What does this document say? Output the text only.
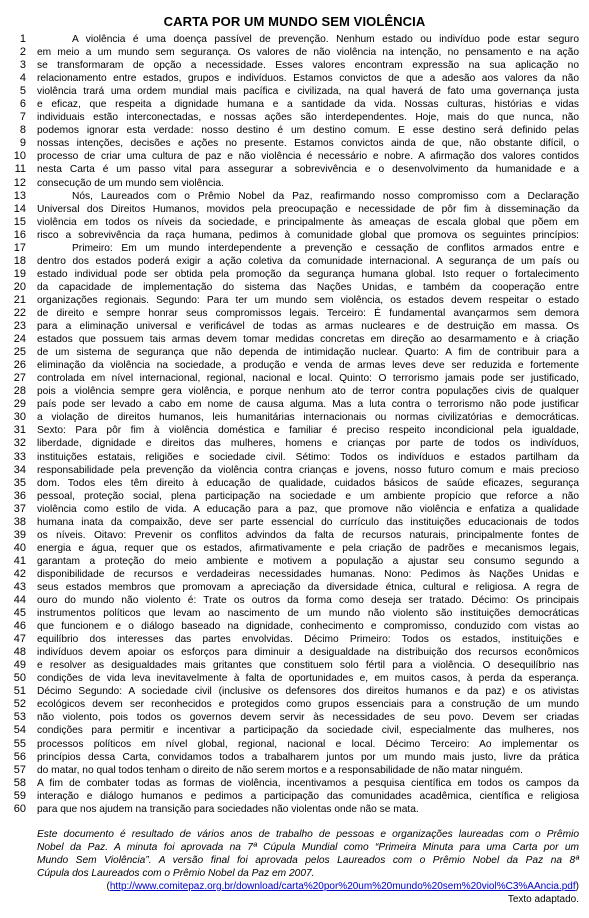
CARTA POR UM MUNDO SEM VIOLÊNCIA
1	A violência é uma doença passível de prevenção. Nenhum estado ou indivíduo pode estar seguro
2 em meio a um mundo sem segurança. Os valores de não violência na intenção, no pensamento e na ação
3 se transformaram de opção a necessidade. Esses valores encontram expressão na sua aplicação no
4 relacionamento entre estados, grupos e indivíduos. Estamos convictos de que a adesão aos valores da não
5 violência trará uma ordem mundial mais pacífica e civilizada, na qual haverá de fato uma governança justa
6 e eficaz, que respeita a dignidade humana e a santidade da vida. Nossas culturas, histórias e vidas
7 individuais estão interconectadas, e nossas ações são interdependentes. Hoje, mais do que nunca, não
8 podemos ignorar esta verdade: nosso destino é um destino comum. E esse destino será definido pelas
9 nossas intenções, decisões e ações no presente. Estamos convictos ainda de que, não obstante difícil, o
10 processo de criar uma cultura de paz e não violência é necessário e nobre. A afirmação dos valores contidos
11 nesta Carta é um passo vital para assegurar a sobrevivência e o desenvolvimento da humanidade e a
12 consecução de um mundo sem violência.
13	Nós, Laureados com o Prêmio Nobel da Paz, reafirmando nosso compromisso com a Declaração
14 Universal dos Direitos Humanos, movidos pela preocupação e necessidade de pôr fim à disseminação da
15 violência em todos os níveis da sociedade, e principalmente às ameaças de escala global que põem em
16 risco a sobrevivência da raça humana, pedimos à comunidade global que promova os seguintes princípios:
17	Primeiro: Em um mundo interdependente a prevenção e cessação de conflitos armados entre e
18 dentro dos estados poderá exigir a ação coletiva da comunidade internacional. A segurança de um país ou
19 estado individual pode ser obtida pela promoção da segurança humana global. Isto requer o fortalecimento
20 da capacidade de implementação do sistema das Nações Unidas, e também da cooperação entre
21 organizações regionais. Segundo: Para ter um mundo sem violência, os estados devem respeitar o estado
22 de direito e sempre honrar seus compromissos legais. Terceiro: É fundamental avançarmos sem demora
23 para a eliminação universal e verificável de todas as armas nucleares e de destruição em massa. Os
24 estados que possuem tais armas devem tomar medidas concretas em direção ao desarmamento e à criação
25 de um sistema de segurança que não dependa de intimidação nuclear. Quarto: A fim de contribuir para a
26 eliminação da violência na sociedade, a produção e venda de armas leves deve ser reduzida e fortemente
27 controlada em nível internacional, regional, nacional e local. Quinto: O terrorismo jamais pode ser justificado,
28 pois a violência sempre gera violência, e porque nenhum ato de terror contra populações civis de qualquer
29 país pode ser levado a cabo em nome de causa alguma. Mas a luta contra o terrorismo não pode justificar
30 a violação de direitos humanos, leis humanitárias internacionais ou normas civilizatórias e democráticas.
31 Sexto: Para pôr fim à violência doméstica e familiar é preciso respeito incondicional pela igualdade,
32 liberdade, dignidade e direitos das mulheres, homens e crianças por parte de todos os indivíduos,
33 instituições estatais, religiões e sociedade civil. Sétimo: Todos os indivíduos e estados partilham da
34 responsabilidade pela prevenção da violência contra crianças e jovens, nosso futuro comum e mais precioso
35 dom. Todos eles têm direito à educação de qualidade, cuidados básicos de saúde eficazes, segurança
36 pessoal, proteção social, plena participação na sociedade e um ambiente propício que reforce a não
37 violência como estilo de vida. A educação para a paz, que promove não violência e enfatiza a qualidade
38 humana inata da compaixão, deve ser parte essencial do currículo das instituições educacionais de todos
39 os níveis. Oitavo: Prevenir os conflitos advindos da falta de recursos naturais, principalmente fontes de
40 energia e água, requer que os estados, afirmativamente e pela criação de padrões e mecanismos legais,
41 garantam a proteção do meio ambiente e motivem a população a ajustar seu consumo segundo a
42 disponibilidade de recursos e verdadeiras necessidades humanas. Nono: Pedimos às Nações Unidas e
43 seus estados membros que promovam a apreciação da diversidade étnica, cultural e religiosa. A regra de
44 ouro do mundo não violento é: Trate os outros da forma como deseja ser tratado. Décimo: Os principais
45 instrumentos políticos que levam ao nascimento de um mundo não violento são instituições democráticas
46 que funcionem e o diálogo baseado na dignidade, conhecimento e compromisso, conduzido com vistas ao
47 equilíbrio dos interesses das partes envolvidas. Décimo Primeiro: Todos os estados, instituições e
48 indivíduos devem apoiar os esforços para diminuir a desigualdade na distribuição dos recursos econômicos
49 e resolver as desigualdades mais gritantes que constituem solo fértil para a violência. O desequilíbrio nas
50 condições de vida leva inevitavelmente à falta de oportunidades e, em muitos casos, à perda da esperança.
51 Décimo Segundo: A sociedade civil (inclusive os defensores dos direitos humanos e da paz) e os ativistas
52 ecológicos devem ser reconhecidos e protegidos como grupos essenciais para a construção de um mundo
53 não violento, pois todos os governos devem servir às necessidades de seu povo. Devem ser criadas
54 condições para permitir e incentivar a participação da sociedade civil, especialmente das mulheres, nos
55 processos políticos em nível global, regional, nacional e local. Décimo Terceiro: Ao implementar os
56 princípios dessa Carta, convidamos todos a trabalharem juntos por um mundo mais justo, livre da prática
57 do matar, no qual todos tenham o direito de não serem mortos e a responsabilidade de não matar ninguém.
58 A fim de combater todas as formas de violência, incentivamos a pesquisa científica em todos os campos da
59 interação e diálogo humanos e pedimos a participação das comunidades acadêmica, científica e religiosa
60 para que nos ajudem na transição para sociedades não violentas onde não se mata.
Este documento é resultado de vários anos de trabalho de pessoas e organizações laureadas com o Prêmio
Nobel da Paz. A minuta foi aprovada na 7ª Cúpula Mundial como “Primeira Minuta para uma Carta por um
Mundo Sem Violência”. A versão final foi aprovada pelos Laureados com o Prêmio Nobel da Paz na 8ª
Cúpula dos Laureados com o Prêmio Nobel da Paz em 2007.
(http://www.comitepaz.org.br/download/carta%20por%20um%20mundo%20sem%20viol%C3%AAncia.pdf)
Texto adaptado.
